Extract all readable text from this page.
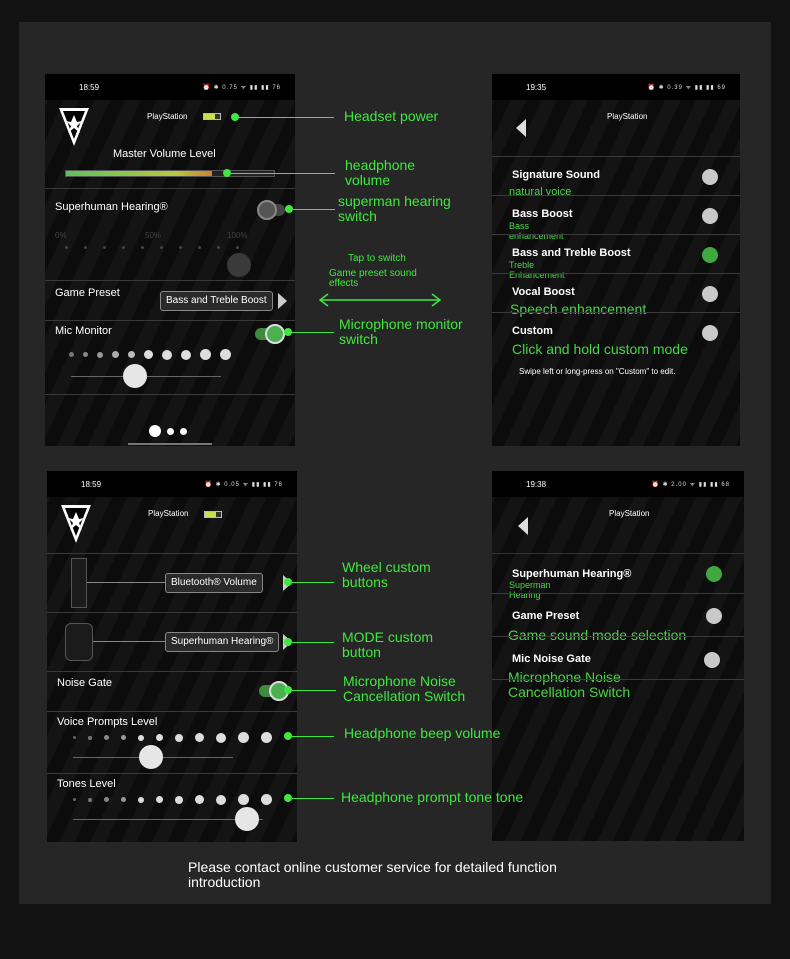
18:59	⏰ ✱ 0.75 ᯤ ▮▮ ▮▮ 76
PlayStation
Master Volume Level
Superhuman Hearing®
0%	50%	100%
Game Preset
Bass and Treble Boost
Mic Monitor
19:35	⏰ ✱ 0.39 ᯤ ▮▮ ▮▮ 69
PlayStation
Signature Sound
natural voice
Bass Boost
Bass enhancement
Bass and Treble Boost
Treble Enhancement
Vocal Boost
Speech enhancement
Custom
Click and hold custom mode
Swipe left or long-press on "Custom" to edit.
18:59	⏰ ✱ 0.05 ᯤ ▮▮ ▮▮ 76
PlayStation
Bluetooth® Volume
Superhuman Hearing®
Noise Gate
Voice Prompts Level
Tones Level
19:38	⏰ ✱ 2.00 ᯤ ▮▮ ▮▮ 68
PlayStation
Superhuman Hearing®
Superman Hearing
Game Preset
Game sound mode selection
Mic Noise Gate
Microphone Noise Cancellation Switch
Headset power
headphone volume
superman hearing switch
Tap to switch
Game preset sound effects
Microphone monitor switch
Wheel custom buttons
MODE custom button
Microphone Noise Cancellation Switch
Headphone beep volume
Headphone prompt tone tone
Please contact online customer service for detailed function introduction
